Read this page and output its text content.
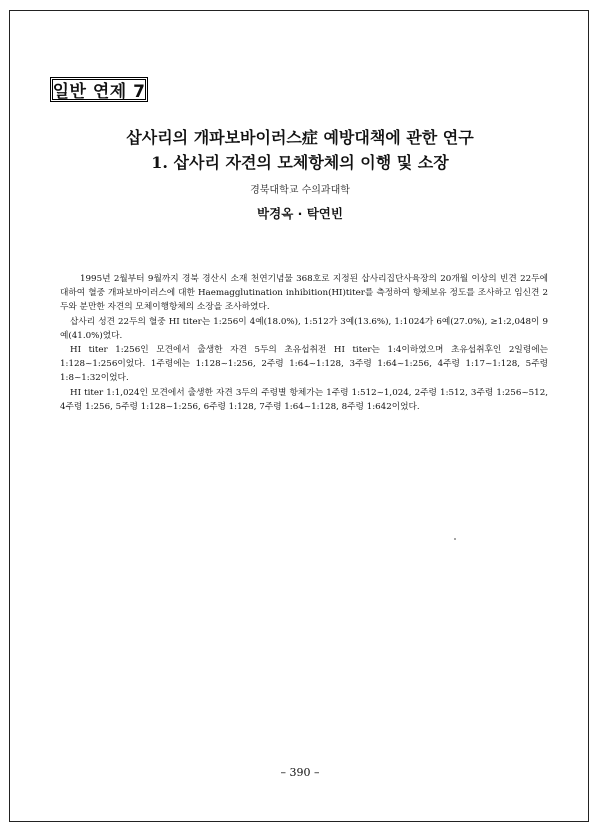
일반 연제 7
삽사리의 개파보바이러스症 예방대책에 관한 연구
1. 삽사리 자견의 모체항체의 이행 및 소장
경북대학교 수의과대학
박경옥 · 탁연빈

1995년 2월부터 9월까지 경북 경산시 소재 천연기념물 368호로 지정된 삽사리집단사육장의 20개월 이상의 빈견 22두에 대하여 혈중 개파보바이러스에 대한 Haemagglutination inhibition(HI)titer를 측정하여 항체보유 정도를 조사하고 임신견 2두와 분만한 자견의 모체이행항체의 소장을 조사하였다.

삽사리 성견 22두의 혈중 HI titer는 1:256이 4예(18.0%), 1:512가 3예(13.6%), 1:1024가 6예(27.0%), ≥1:2,048이 9예(41.0%)였다.

HI titer 1:256인 모견에서 출생한 자견 5두의 초유섭취전 HI titer는 1:4이하였으며 초유섭취후인 2일령에는 1:128~1:256이었다. 1주령에는 1:128~1:256, 2주령 1:64~1:128, 3주령 1:64~1:256, 4주령 1:17~1:128, 5주령 1:8~1:32이었다.

HI titer 1:1,024인 모견에서 출생한 자견 3두의 주령별 항체가는 1주령 1:512~1,024, 2주령 1:512, 3주령 1:256~512, 4주령 1:256, 5주령 1:128~1:256, 6주령 1:128, 7주령 1:64~1:128, 8주령 1:642이었다.

– 390 –
